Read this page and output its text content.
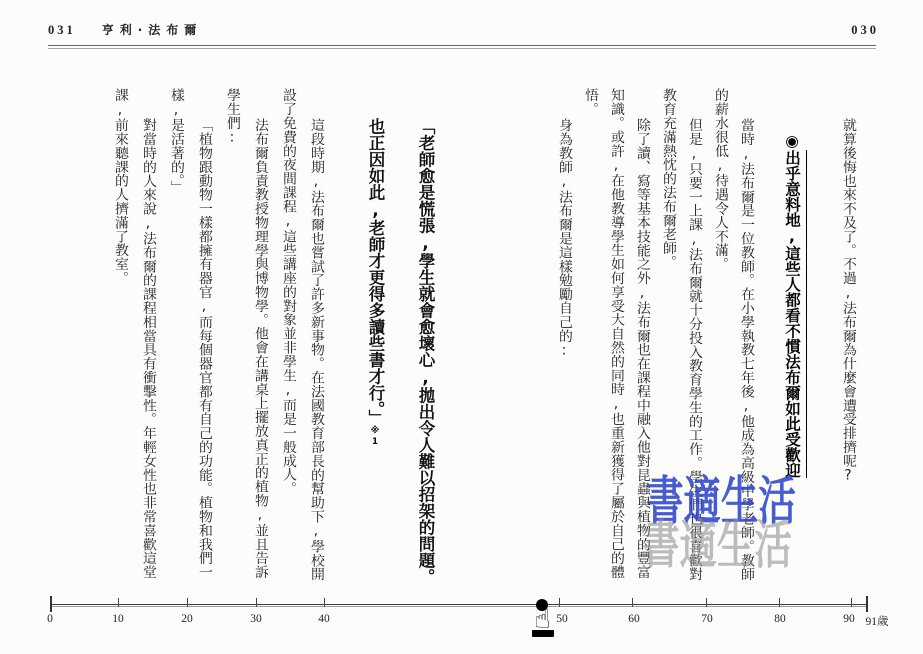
031 亨利·法布爾	030

就算後悔也來不及了。不過,法布爾為什麼會遭受排擠呢?

◉出乎意料地,這些人都看不慣法布爾如此受歡迎

當時,法布爾是一位教師。在小學執教七年後,他成為高級中學老師。教師的薪水很低,待遇令人不滿。

但是,只要一上課,法布爾就十分投入教育學生的工作。學生們也很喜歡對教育充滿熱忱的法布爾老師。

除了讀、寫等基本技能之外,法布爾也在課程中融入他對昆蟲與植物的豐富知識。或許,在他教導學生如何享受大自然的同時,也重新獲得了屬於自己的體悟。

身為教師,法布爾是這樣勉勵自己的:

「老師愈是慌張,學生就會愈壞心,拋出令人難以招架的問題。也正因如此,老師才更得多讀些書才行。」※1

這段時期,法布爾也嘗試了許多新事物。在法國教育部長的幫助下,學校開設了免費的夜間課程,這些講座的對象並非學生,而是一般成人。

法布爾負責教授物理學與博物學。他會在講桌上擺放真正的植物,並且告訴學生們:

「植物跟動物一樣都擁有器官,而每個器官都有自己的功能。植物和我們一樣,是活著的。」

對當時的人來說,法布爾的課程相當具有衝擊性。年輕女性也非常喜歡這堂課,前來聽課的人擠滿了教室。

書適生活
書適生活
0	10	20	30	40	50	60	70	80	90 91歲
☝
